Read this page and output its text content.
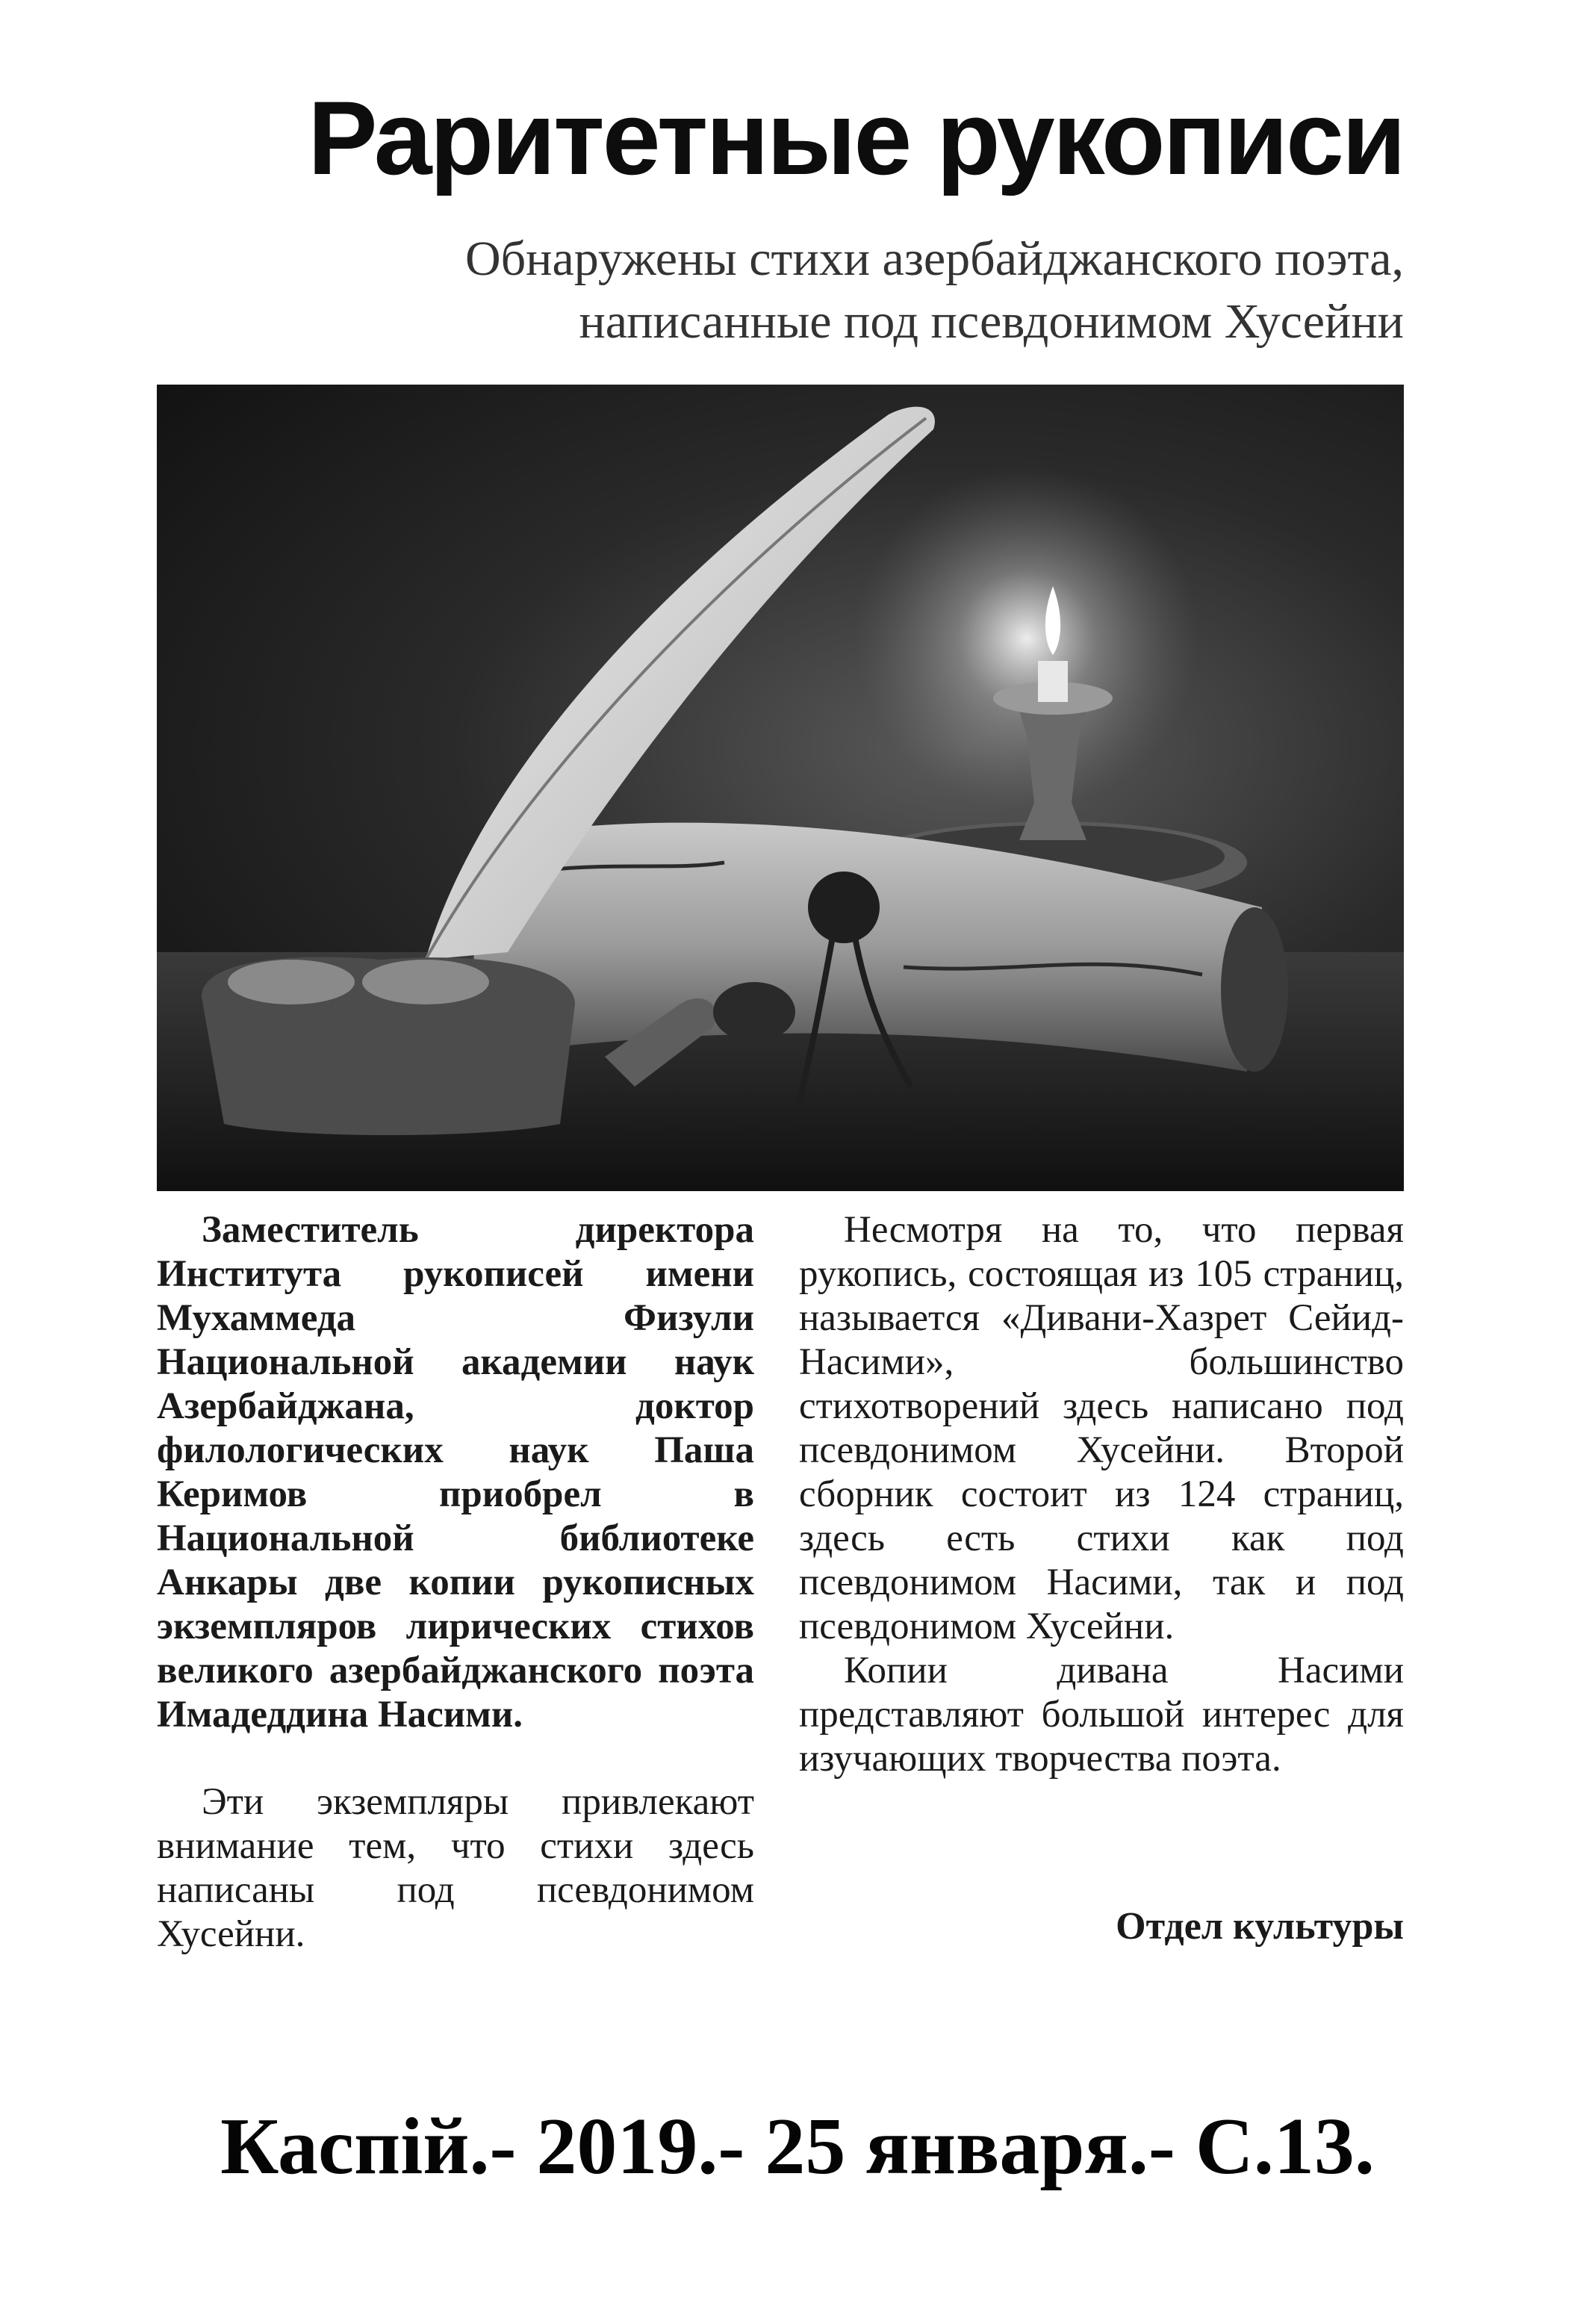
Раритетные рукописи
Обнаружены стихи азербайджанского поэта,
написанные под псевдонимом Хусейни

Заместитель директора Института рукописей имени Мухаммеда Физули Национальной академии наук Азербайджана, доктор филологических наук Паша Керимов приобрел в Национальной библиотеке Анкары две копии рукописных экземпляров лирических стихов великого азербайджанского поэта Имадеддина Насими.

Эти экземпляры привлекают внимание тем, что стихи здесь написаны под псевдонимом Хусейни.

Несмотря на то, что первая рукопись, состоящая из 105 страниц, называется «Дивани-Хазрет Сейид-Насими», большинство стихотворений здесь написано под псевдонимом Хусейни. Второй сборник состоит из 124 страниц, здесь есть стихи как под псевдонимом Насими, так и под псевдонимом Хусейни.

Копии дивана Насими представляют большой интерес для изучающих творчества поэта.

Отдел культуры
Каспiй.- 2019.- 25 января.- С.13.
